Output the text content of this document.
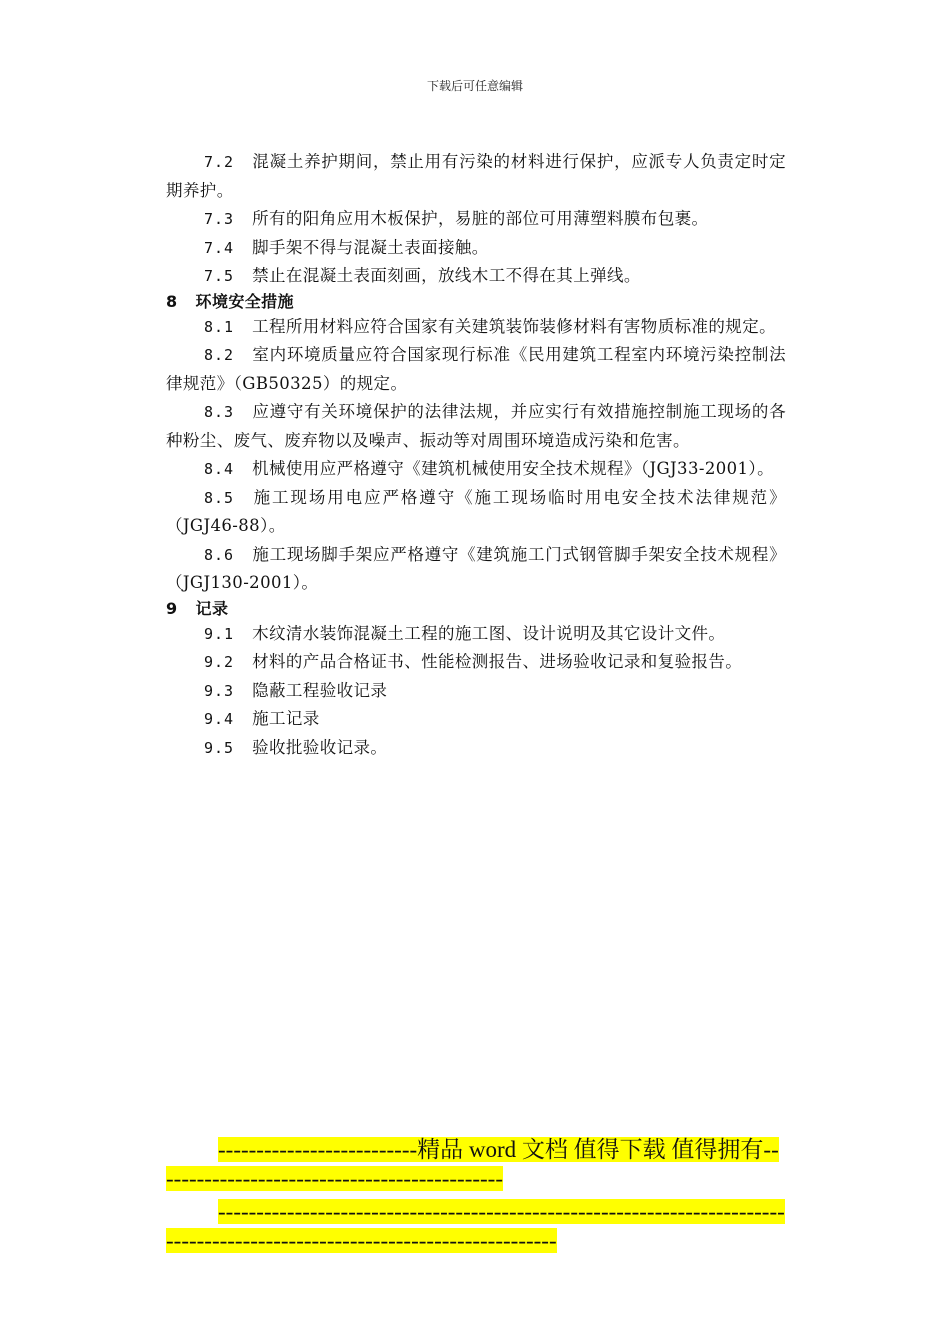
下载后可任意编辑

7.2 混凝土养护期间，禁止用有污染的材料进行保护，应派专人负责定时定期养护。

7.3 所有的阳角应用木板保护，易脏的部位可用薄塑料膜布包裹。

7.4 脚手架不得与混凝土表面接触。

7.5 禁止在混凝土表面刻画，放线木工不得在其上弹线。

8 环境安全措施

8.1 工程所用材料应符合国家有关建筑装饰装修材料有害物质标准的规定。

8.2 室内环境质量应符合国家现行标准《民用建筑工程室内环境污染控制法律规范》（GB50325）的规定。

8.3 应遵守有关环境保护的法律法规，并应实行有效措施控制施工现场的各种粉尘、废气、废弃物以及噪声、振动等对周围环境造成污染和危害。

8.4 机械使用应严格遵守《建筑机械使用安全技术规程》（JGJ33-2001）。

8.5 施工现场用电应严格遵守《施工现场临时用电安全技术法律规范》（JGJ46-88）。

8.6 施工现场脚手架应严格遵守《建筑施工门式钢管脚手架安全技术规程》（JGJ130-2001）。

9 记录

9.1 木纹清水装饰混凝土工程的施工图、设计说明及其它设计文件。

9.2 材料的产品合格证书、性能检测报告、进场验收记录和复验报告。

9.3 隐蔽工程验收记录

9.4 施工记录

9.5 验收批验收记录。

--------------------------精品 word 文档 值得下载 值得拥有----------------------------------------------

-----------------------------------------------------------------------------------------------------------------------------
